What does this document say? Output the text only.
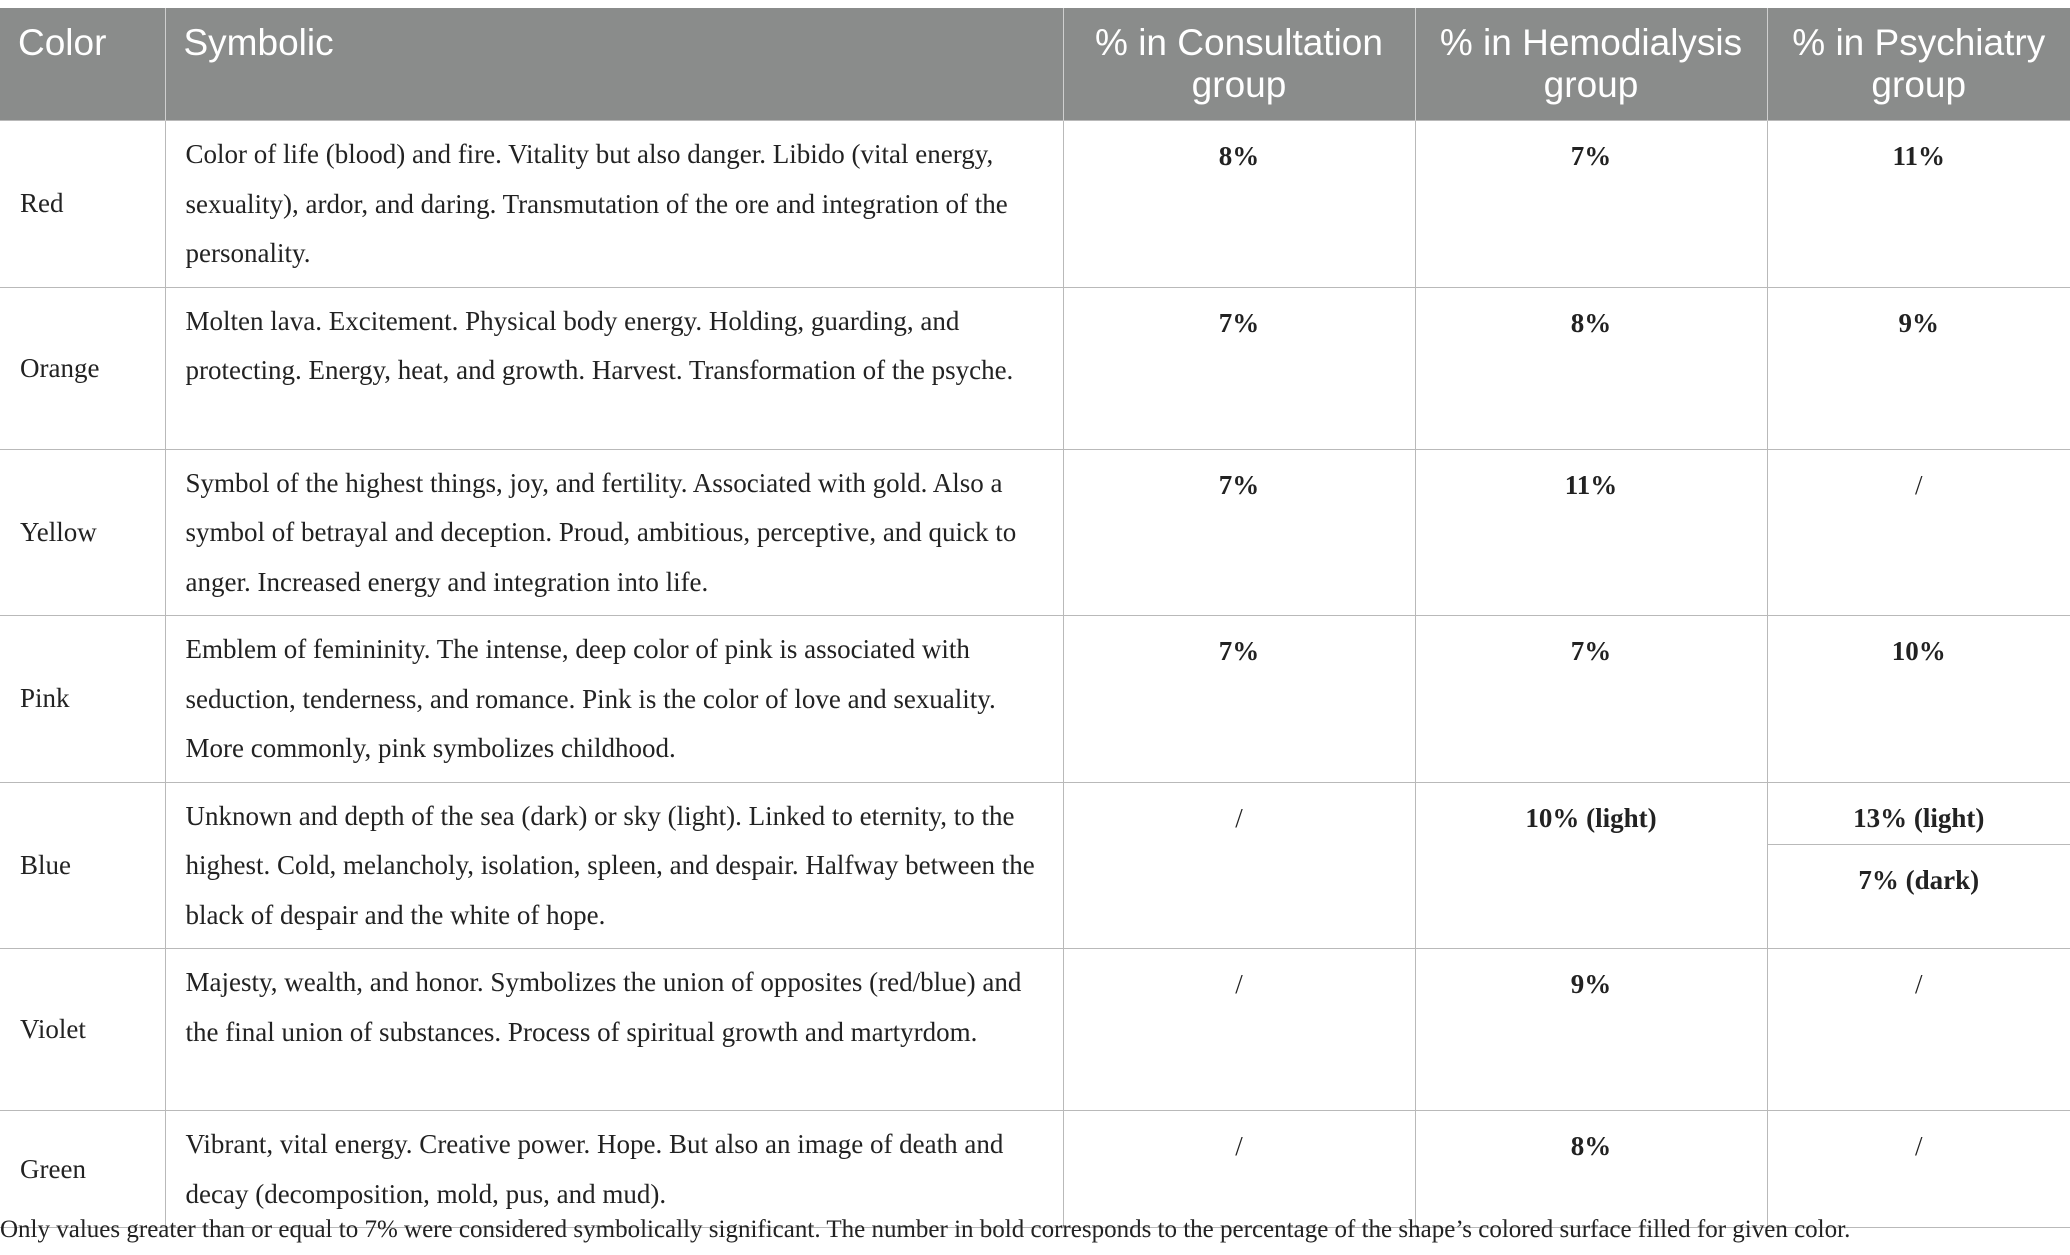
Color	Symbolic	% in Consultation group	% in Hemodialysis group	% in Psychiatry group
Red	Color of life (blood) and fire. Vitality but also danger. Libido (vital energy, sexuality), ardor, and daring. Transmutation of the ore and integration of the personality.	8%	7%	11%
Orange	Molten lava. Excitement. Physical body energy. Holding, guarding, and protecting. Energy, heat, and growth. Harvest. Transformation of the psyche.	7%	8%	9%
Yellow	Symbol of the highest things, joy, and fertility. Associated with gold. Also a symbol of betrayal and deception. Proud, ambitious, perceptive, and quick to anger. Increased energy and integration into life.	7%	11%	/
Pink	Emblem of femininity. The intense, deep color of pink is associated with seduction, tenderness, and romance. Pink is the color of love and sexuality. More commonly, pink symbolizes childhood.	7%	7%	10%
Blue	Unknown and depth of the sea (dark) or sky (light). Linked to eternity, to the highest. Cold, melancholy, isolation, spleen, and despair. Halfway between the black of despair and the white of hope.	/	10% (light)	13% (light)
7% (dark)

Violet	Majesty, wealth, and honor. Symbolizes the union of opposites (red/blue) and the final union of substances. Process of spiritual growth and martyrdom.	/	9%	/
Green	Vibrant, vital energy. Creative power. Hope. But also an image of death and decay (decomposition, mold, pus, and mud).	/	8%	/
Only values greater than or equal to 7% were considered symbolically significant. The number in bold corresponds to the percentage of the shape’s colored surface filled for given color.
